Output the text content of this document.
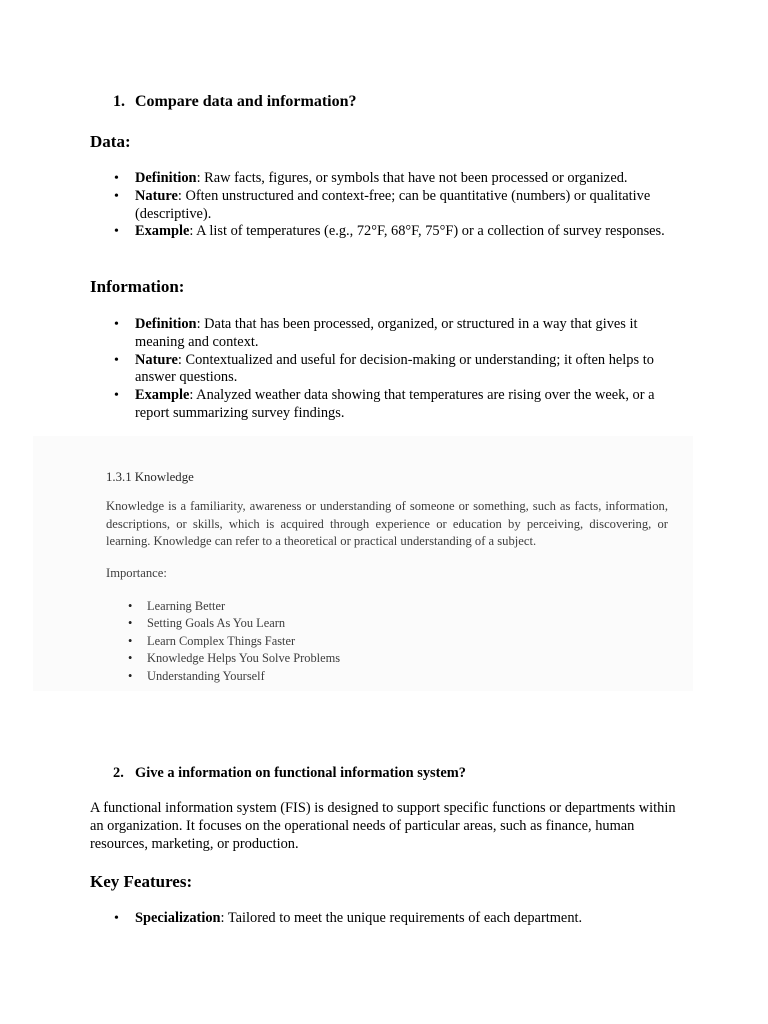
1. Compare data and information?
Data:
• Definition: Raw facts, figures, or symbols that have not been processed or organized.
• Nature: Often unstructured and context-free; can be quantitative (numbers) or qualitative (descriptive).
• Example: A list of temperatures (e.g., 72°F, 68°F, 75°F) or a collection of survey responses.
Information:
• Definition: Data that has been processed, organized, or structured in a way that gives it meaning and context.
• Nature: Contextualized and useful for decision-making or understanding; it often helps to answer questions.
• Example: Analyzed weather data showing that temperatures are rising over the week, or a report summarizing survey findings.
1.3.1 Knowledge

Knowledge is a familiarity, awareness or understanding of someone or something, such as facts, information, descriptions, or skills, which is acquired through experience or education by perceiving, discovering, or learning. Knowledge can refer to a theoretical or practical understanding of a subject.

Importance:

• Learning Better
• Setting Goals As You Learn
• Learn Complex Things Faster
• Knowledge Helps You Solve Problems
• Understanding Yourself
2. Give a information on functional information system?

A functional information system (FIS) is designed to support specific functions or departments within an organization. It focuses on the operational needs of particular areas, such as finance, human resources, marketing, or production.

Key Features:
• Specialization: Tailored to meet the unique requirements of each department.
